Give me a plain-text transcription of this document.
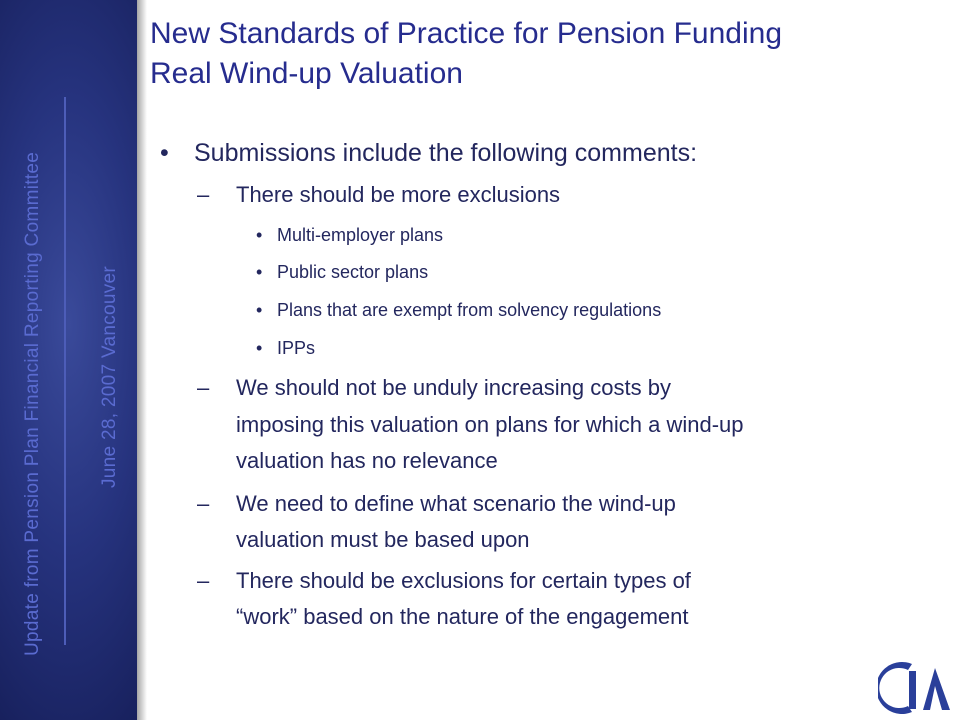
Update from Pension Plan Financial Reporting Committee	June 28, 2007 Vancouver
New Standards of Practice for Pension Funding
Real Wind-up Valuation
• Submissions include the following comments:
– There should be more exclusions
• Multi-employer plans
• Public sector plans
• Plans that are exempt from solvency regulations
• IPPs
– We should not be unduly increasing costs by
imposing this valuation on plans for which a wind-up
valuation has no relevance
– We need to define what scenario the wind-up
valuation must be based upon
– There should be exclusions for certain types of
“work” based on the nature of the engagement
